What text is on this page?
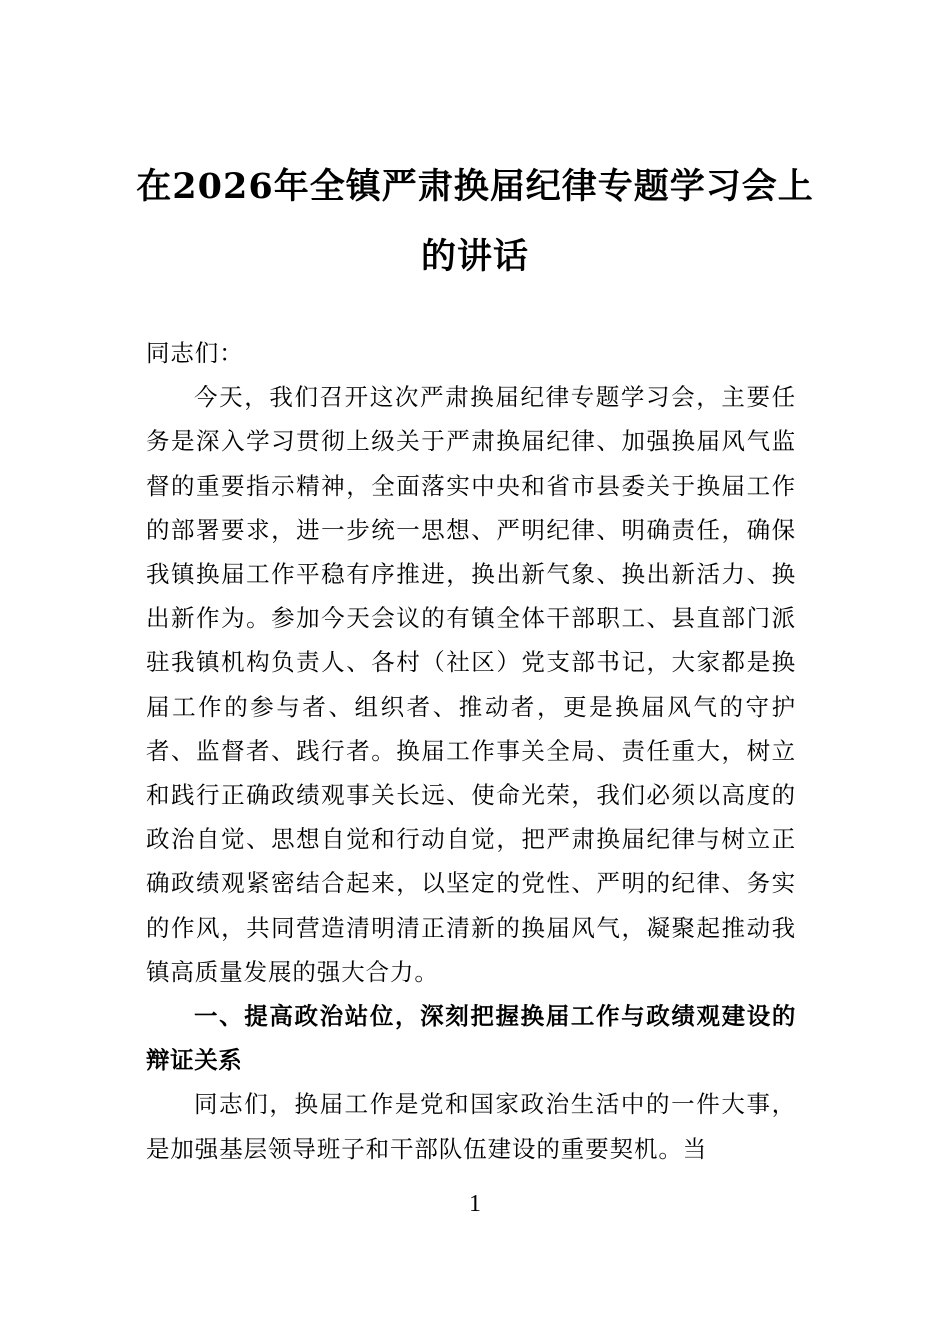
在2026年全镇严肃换届纪律专题学习会上
的讲话

同志们：

今天，我们召开这次严肃换届纪律专题学习会，主要任务是深入学习贯彻上级关于严肃换届纪律、加强换届风气监督的重要指示精神，全面落实中央和省市县委关于换届工作的部署要求，进一步统一思想、严明纪律、明确责任，确保我镇换届工作平稳有序推进，换出新气象、换出新活力、换出新作为。参加今天会议的有镇全体干部职工、县直部门派驻我镇机构负责人、各村（社区）党支部书记，大家都是换届工作的参与者、组织者、推动者，更是换届风气的守护者、监督者、践行者。换届工作事关全局、责任重大，树立和践行正确政绩观事关长远、使命光荣，我们必须以高度的政治自觉、思想自觉和行动自觉，把严肃换届纪律与树立正确政绩观紧密结合起来，以坚定的党性、严明的纪律、务实的作风，共同营造清明清正清新的换届风气，凝聚起推动我镇高质量发展的强大合力。

一、提高政治站位，深刻把握换届工作与政绩观建设的辩证关系

同志们，换届工作是党和国家政治生活中的一件大事，是加强基层领导班子和干部队伍建设的重要契机。当

1
